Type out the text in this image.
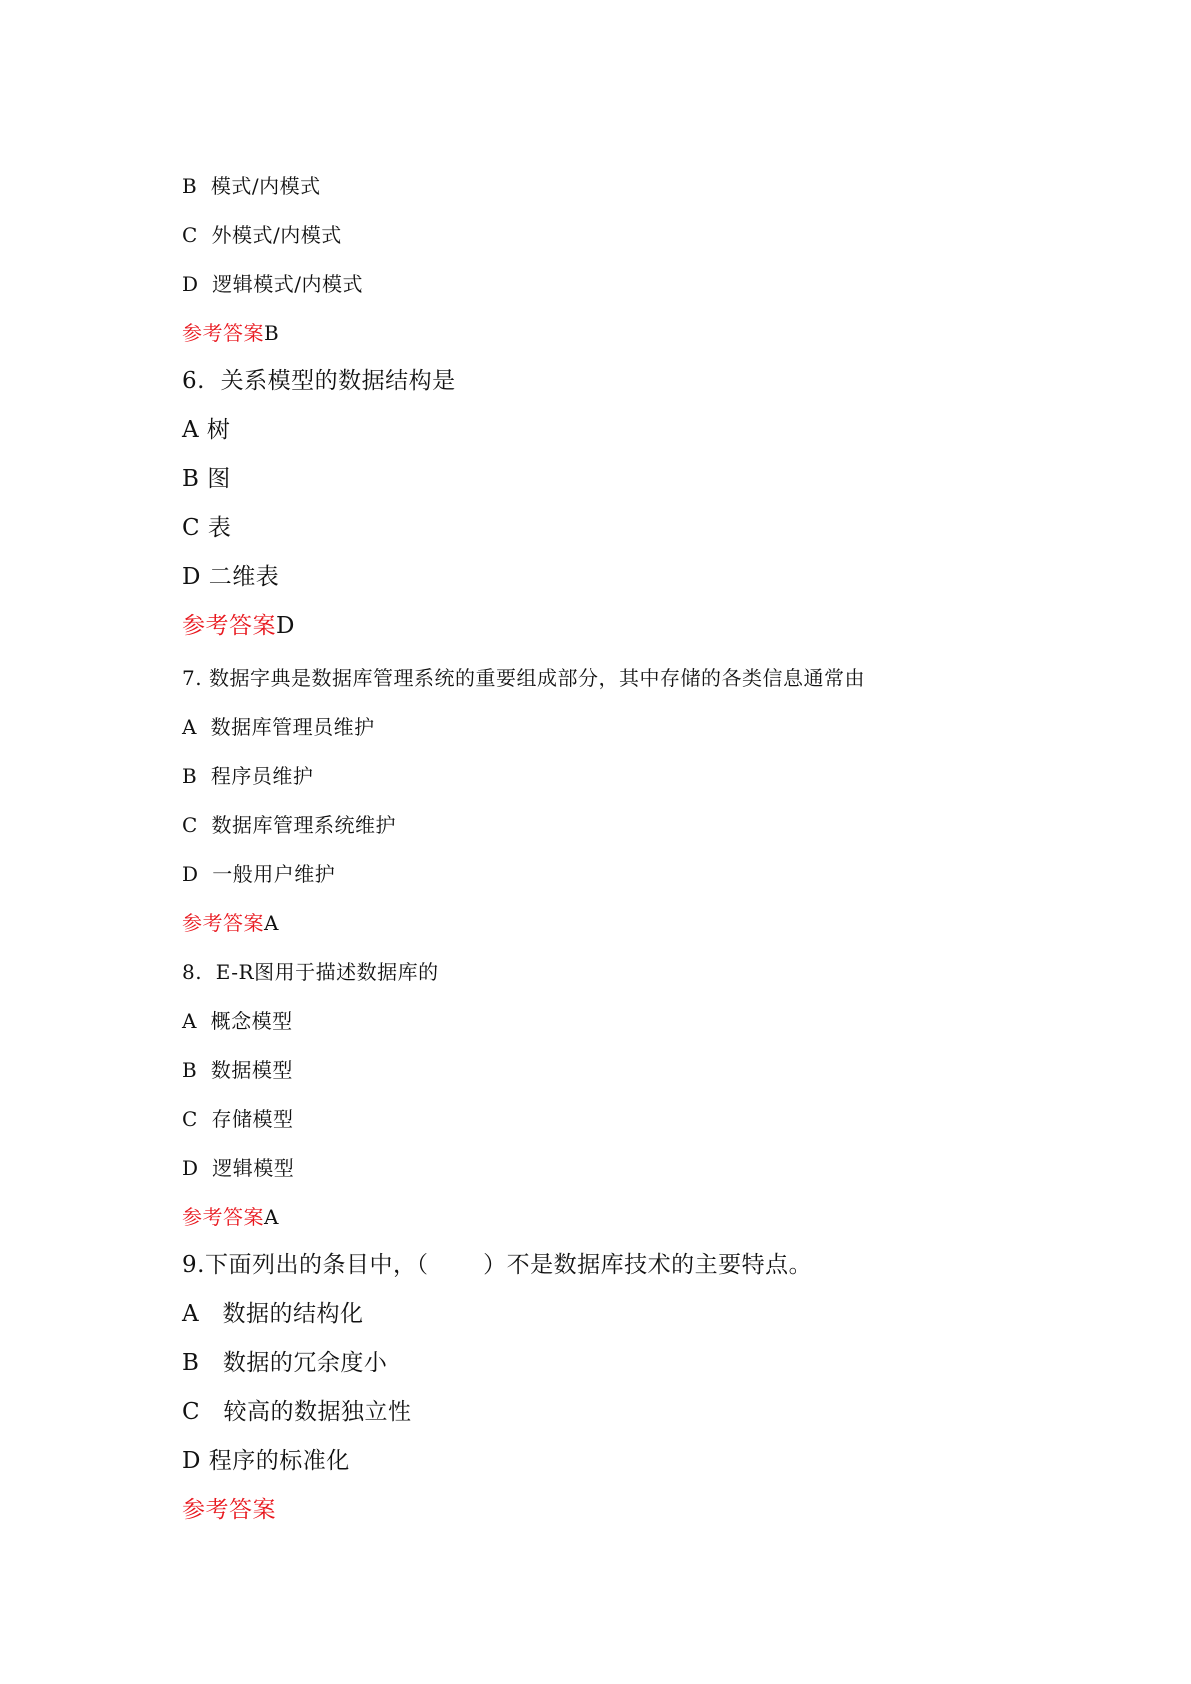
B  模式/内模式
C  外模式/内模式
D  逻辑模式/内模式
参考答案B
6.  关系模型的数据结构是
A 树
B 图
C 表
D 二维表
参考答案D
7. 数据字典是数据库管理系统的重要组成部分，其中存储的各类信息通常由
A  数据库管理员维护
B  程序员维护
C  数据库管理系统维护
D  一般用户维护
参考答案A
8.  E-R图用于描述数据库的
A  概念模型
B  数据模型
C  存储模型
D  逻辑模型
参考答案A
9.下面列出的条目中，（       ）不是数据库技术的主要特点。
A   数据的结构化
B   数据的冗余度小
C   较高的数据独立性
D 程序的标准化
参考答案
